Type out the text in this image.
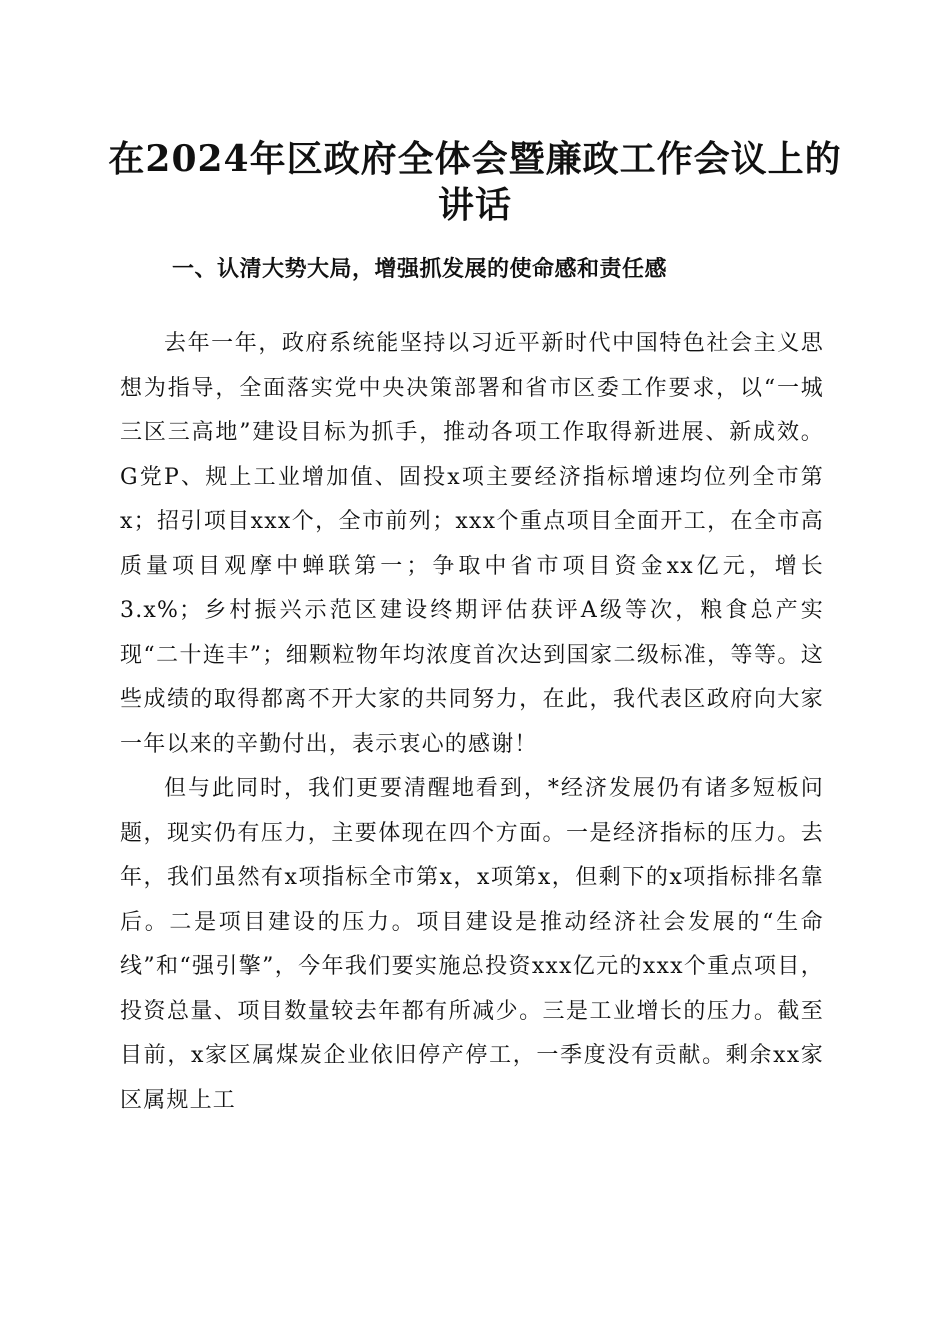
在2024年区政府全体会暨廉政工作会议上的讲话
一、认清大势大局，增强抓发展的使命感和责任感

去年一年，政府系统能坚持以习近平新时代中国特色社会主义思想为指导，全面落实党中央决策部署和省市区委工作要求，以“一城三区三高地”建设目标为抓手，推动各项工作取得新进展、新成效。G党P、规上工业增加值、固投x项主要经济指标增速均位列全市第x；招引项目xxx个，全市前列；xxx个重点项目全面开工，在全市高质量项目观摩中蝉联第一；争取中省市项目资金xx亿元，增长3.x%；乡村振兴示范区建设终期评估获评A级等次，粮食总产实现“二十连丰”；细颗粒物年均浓度首次达到国家二级标准，等等。这些成绩的取得都离不开大家的共同努力，在此，我代表区政府向大家一年以来的辛勤付出，表示衷心的感谢！

但与此同时，我们更要清醒地看到，*经济发展仍有诸多短板问题，现实仍有压力，主要体现在四个方面。一是经济指标的压力。去年，我们虽然有x项指标全市第x，x项第x，但剩下的x项指标排名靠后。二是项目建设的压力。项目建设是推动经济社会发展的“生命线”和“强引擎”，今年我们要实施总投资xxx亿元的xxx个重点项目，投资总量、项目数量较去年都有所减少。三是工业增长的压力。截至目前，x家区属煤炭企业依旧停产停工，一季度没有贡献。剩余xx家区属规上工
